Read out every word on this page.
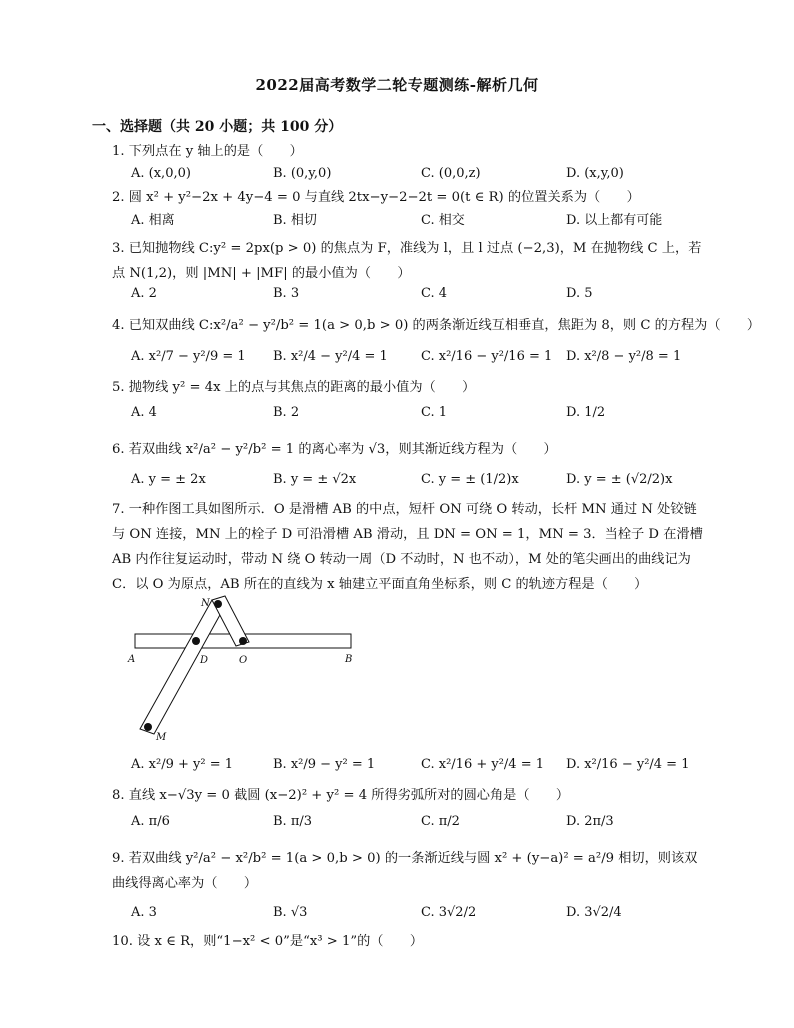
2022届高考数学二轮专题测练-解析几何
一、选择题（共 20 小题；共 100 分）
1. 下列点在 y 轴上的是（　　）
A. (x,0,0)	B. (0,y,0)	C. (0,0,z)	D. (x,y,0)
2. 圆 x² + y²−2x + 4y−4 = 0 与直线 2tx−y−2−2t = 0(t ∈ R) 的位置关系为（　　）
A. 相离	B. 相切	C. 相交	D. 以上都有可能
3. 已知抛物线 C:y² = 2px(p > 0) 的焦点为 F，准线为 l，且 l 过点 (−2,3)，M 在抛物线 C 上，若点 N(1,2)，则 |MN| + |MF| 的最小值为（　　）
A. 2	B. 3	C. 4	D. 5
4. 已知双曲线 C:x²/a² − y²/b² = 1(a > 0,b > 0) 的两条渐近线互相垂直，焦距为 8，则 C 的方程为（　　）
A. x²/7 − y²/9 = 1 B. x²/4 − y²/4 = 1	C. x²/16 − y²/16 = 1 D. x²/8 − y²/8 = 1
5. 抛物线 y² = 4x 上的点与其焦点的距离的最小值为（　　）
A. 4	B. 2	C. 1	D. 1/2
6. 若双曲线 x²/a² − y²/b² = 1 的离心率为 √3，则其渐近线方程为（　　）
A. y = ± 2x	B. y = ± √2x	C. y = ± (1/2)x	D. y = ± (√2/2)x
7. 一种作图工具如图所示．O 是滑槽 AB 的中点，短杆 ON 可绕 O 转动，长杆 MN 通过 N 处铰链与 ON 连接，MN 上的栓子 D 可沿滑槽 AB 滑动，且 DN = ON = 1，MN = 3．当栓子 D 在滑槽 AB 内作往复运动时，带动 N 绕 O 转动一周（D 不动时，N 也不动），M 处的笔尖画出的曲线记为 C．以 O 为原点，AB 所在的直线为 x 轴建立平面直角坐标系，则 C 的轨迹方程是（　　）
A	B
D	O
N
M
A. x²/9 + y² = 1	B. x²/9 − y² = 1	C. x²/16 + y²/4 = 1 D. x²/16 − y²/4 = 1
8. 直线 x−√3y = 0 截圆 (x−2)² + y² = 4 所得劣弧所对的圆心角是（　　）
A. π/6	B. π/3	C. π/2	D. 2π/3
9. 若双曲线 y²/a² − x²/b² = 1(a > 0,b > 0) 的一条渐近线与圆 x² + (y−a)² = a²/9 相切，则该双曲线得离心率为（　　）
A. 3	B. √3	C. 3√2/2	D. 3√2/4
10. 设 x ∈ R，则“1−x² < 0”是“x³ > 1”的（　　）
